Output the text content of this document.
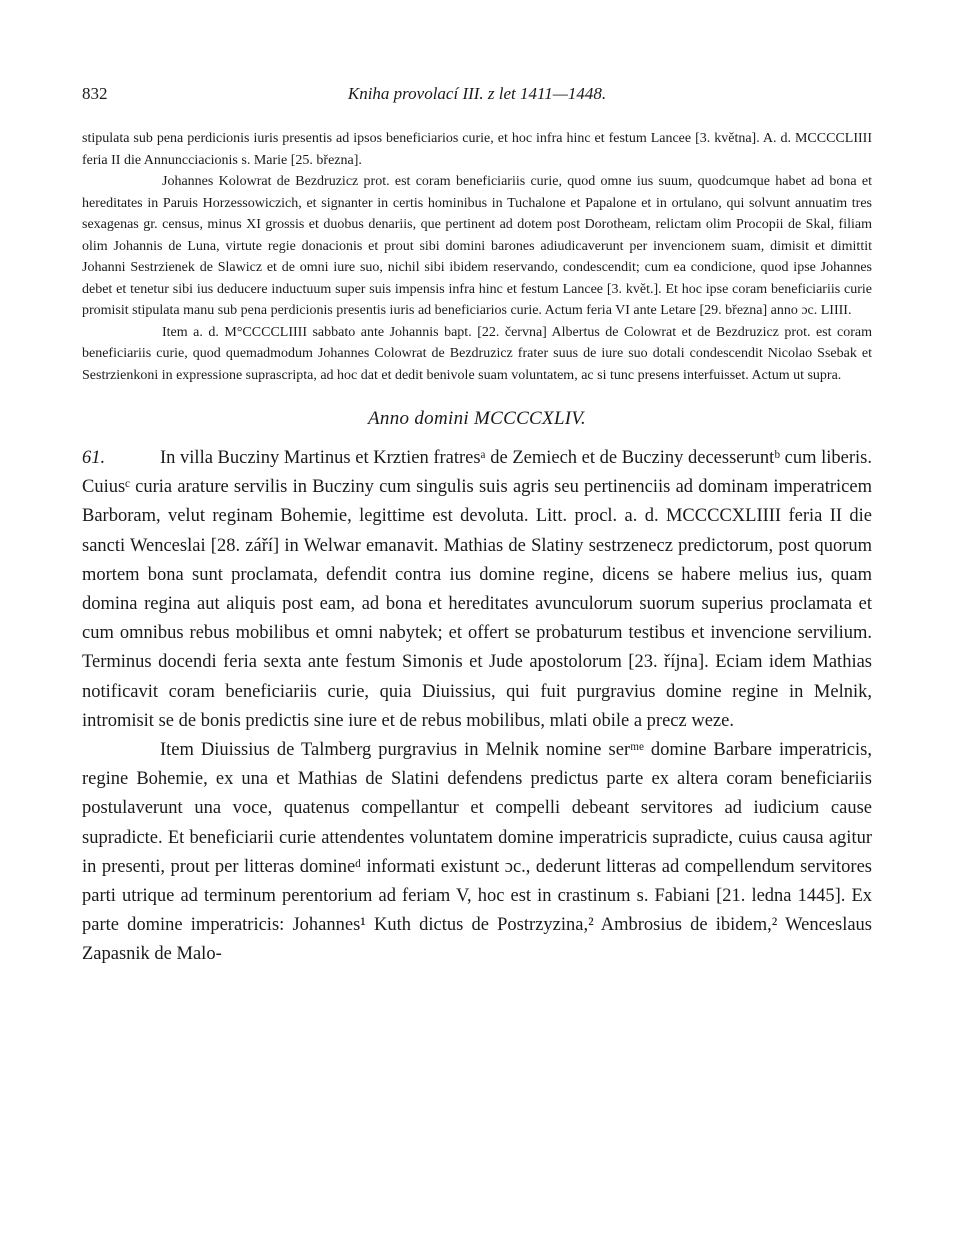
832	Kniha provolací III. z let 1411—1448.

stipulata sub pena perdicionis iuris presentis ad ipsos beneficiarios curie, et hoc infra hinc et festum Lancee [3. května]. A. d. MCCCCLIIII feria II die Annuncciacionis s. Marie [25. března].

Johannes Kolowrat de Bezdruzicz prot. est coram beneficiariis curie, quod omne ius suum, quodcumque habet ad bona et hereditates in Paruis Horzessowiczich, et signanter in certis hominibus in Tuchalone et Papalone et in ortulano, qui solvunt annuatim tres sexagenas gr. census, minus XI grossis et duobus denariis, que pertinent ad dotem post Dorotheam, relictam olim Procopii de Skal, filiam olim Johannis de Luna, virtute regie donacionis et prout sibi domini barones adiudicaverunt per invencionem suam, dimisit et dimittit Johanni Sestrzienek de Slawicz et de omni iure suo, nichil sibi ibidem reservando, condescendit; cum ea condicione, quod ipse Johannes debet et tenetur sibi ius deducere inductuum super suis impensis infra hinc et festum Lancee [3. květ.]. Et hoc ipse coram beneficiariis curie promisit stipulata manu sub pena perdicionis presentis iuris ad beneficiarios curie. Actum feria VI ante Letare [29. března] anno ɔc. LIIII.

Item a. d. M°CCCCLIIII sabbato ante Johannis bapt. [22. června] Albertus de Colowrat et de Bezdruzicz prot. est coram beneficiariis curie, quod quemadmodum Johannes Colowrat de Bezdruzicz frater suus de iure suo dotali condescendit Nicolao Ssebak et Sestrzienkoni in expressione suprascripta, ad hoc dat et dedit benivole suam voluntatem, ac si tunc presens interfuisset. Actum ut supra.

Anno domini MCCCCXLIV.

61.	In villa Bucziny Martinus et Krztien fratresᵃ de Zemiech et de Bucziny decesseruntᵇ cum liberis. Cuiusᶜ curia arature servilis in Bucziny cum singulis suis agris seu pertinenciis ad dominam imperatricem Barboram, velut reginam Bohemie, legittime est devoluta. Litt. procl. a. d. MCCCCXLIIII feria II die sancti Wenceslai [28. září] in Welwar emanavit. Mathias de Slatiny sestrzenecz predictorum, post quorum mortem bona sunt proclamata, defendit contra ius domine regine, dicens se habere melius ius, quam domina regina aut aliquis post eam, ad bona et hereditates avunculorum suorum superius proclamata et cum omnibus rebus mobilibus et omni nabytek; et offert se probaturum testibus et invencione servilium. Terminus docendi feria sexta ante festum Simonis et Jude apostolorum [23. října]. Eciam idem Mathias notificavit coram beneficiariis curie, quia Diuissius, qui fuit purgravius domine regine in Melnik, intromisit se de bonis predictis sine iure et de rebus mobilibus, mlati obile a precz weze.

Item Diuissius de Talmberg purgravius in Melnik nomine serᵐᵉ domine Barbare imperatricis, regine Bohemie, ex una et Mathias de Slatini defendens predictus parte ex altera coram beneficiariis postulaverunt una voce, quatenus compellantur et compelli debeant servitores ad iudicium cause supradicte. Et beneficiarii curie attendentes voluntatem domine imperatricis supradicte, cuius causa agitur in presenti, prout per litteras domineᵈ informati existunt ɔc., dederunt litteras ad compellendum servitores parti utrique ad terminum perentorium ad feriam V, hoc est in crastinum s. Fabiani [21. ledna 1445]. Ex parte domine imperatricis: Johannes¹ Kuth dictus de Postrzyzina,² Ambrosius de ibidem,² Wenceslaus Zapasnik de Malo-
